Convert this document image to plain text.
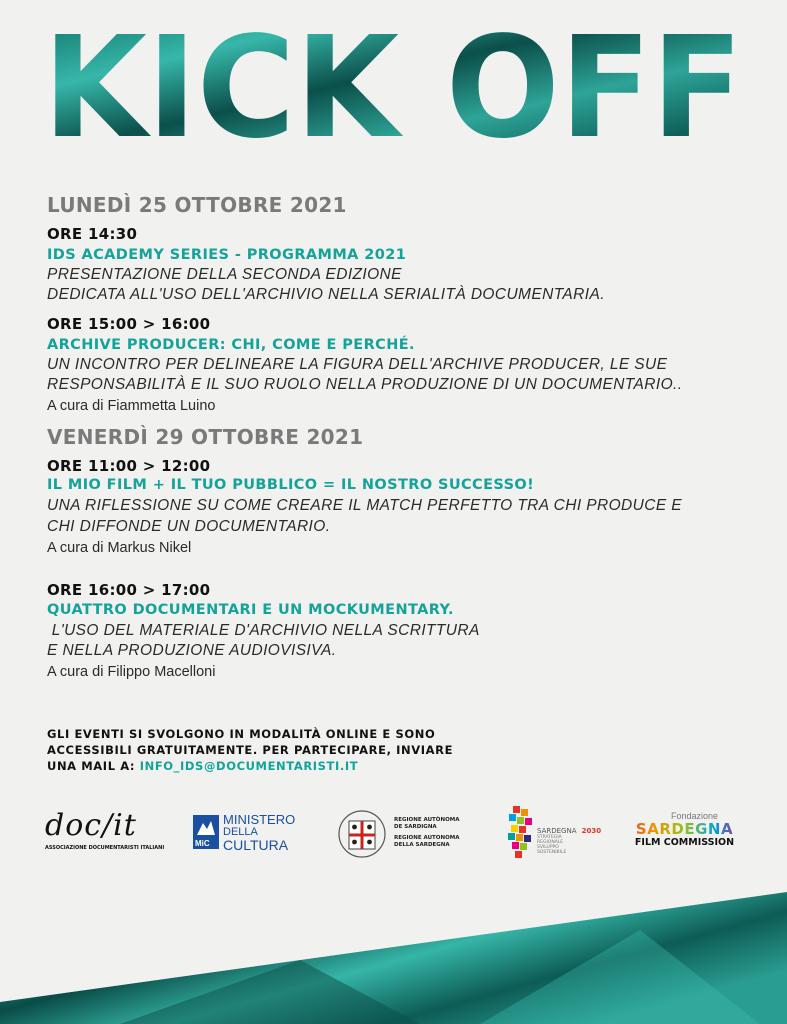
KICK OFF
LUNEDÌ 25 OTTOBRE 2021
ORE 14:30
IDS ACADEMY SERIES - PROGRAMMA 2021
PRESENTAZIONE DELLA SECONDA EDIZIONE
DEDICATA ALL'USO DELL'ARCHIVIO NELLA SERIALITÀ DOCUMENTARIA.
ORE 15:00 > 16:00
ARCHIVE PRODUCER: CHI, COME E PERCHÉ.
UN INCONTRO PER DELINEARE LA FIGURA DELL'ARCHIVE PRODUCER, LE SUE
RESPONSABILITÀ E IL SUO RUOLO NELLA PRODUZIONE DI UN DOCUMENTARIO..
A cura di Fiammetta Luino
VENERDÌ 29 OTTOBRE 2021
ORE 11:00 > 12:00
IL MIO FILM + IL TUO PUBBLICO = IL NOSTRO SUCCESSO!
UNA RIFLESSIONE SU COME CREARE IL MATCH PERFETTO TRA CHI PRODUCE E
CHI DIFFONDE UN DOCUMENTARIO.
A cura di Markus Nikel
ORE 16:00 > 17:00
QUATTRO DOCUMENTARI E UN MOCKUMENTARY.
L'USO DEL MATERIALE D'ARCHIVIO NELLA SCRITTURA
E NELLA PRODUZIONE AUDIOVISIVA.
A cura di Filippo Macelloni
GLI EVENTI SI SVOLGONO IN MODALITÀ ONLINE E SONO
ACCESSIBILI GRATUITAMENTE. PER PARTECIPARE, INVIARE
UNA MAIL A: INFO_IDS@DOCUMENTARISTI.IT
doc/it
ASSOCIAZIONE DOCUMENTARISTI ITALIANI	MiC
MINISTERO
DELLA
CULTURA
REGIONE AUTÒNOMA
DE SARDIGNA
REGIONE AUTONOMA
DELLA SARDEGNA
SARDEGNA 2030
STRATEGIA
REGIONALE
SVILUPPO
SOSTENIBILE
Fondazione
SARDEGNA
FILM COMMISSION
